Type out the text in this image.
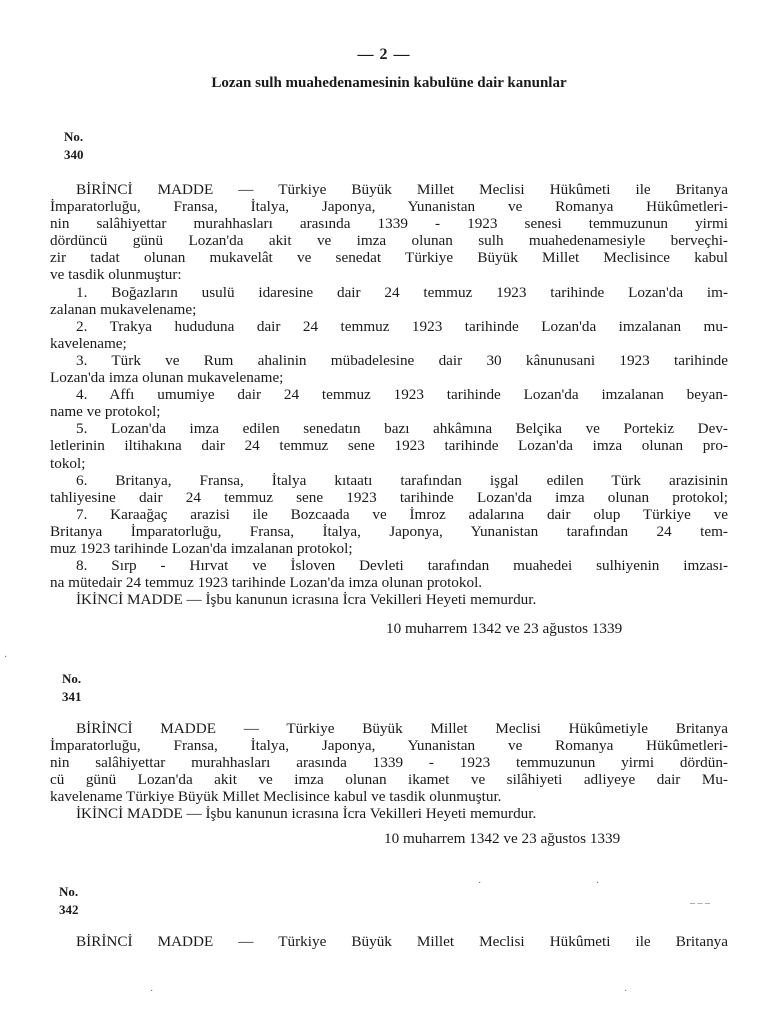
— 2 —
Lozan sulh muahedenamesinin kabulüne dair kanunlar
No.
340
BİRİNCİ MADDE — Türkiye Büyük Millet Meclisi Hükûmeti ile Britanya
İmparatorluğu, Fransa, İtalya, Japonya, Yunanistan ve Romanya Hükûmetleri-
nin salâhiyettar murahhasları arasında 1339 - 1923 senesi temmuzunun yirmi
dördüncü günü Lozan'da akit ve imza olunan sulh muahedenamesiyle berveçhi-
zir tadat olunan mukavelât ve senedat Türkiye Büyük Millet Meclisince kabul
ve tasdik olunmuştur:
1. Boğazların usulü idaresine dair 24 temmuz 1923 tarihinde Lozan'da im-
zalanan mukavelename;
2. Trakya hududuna dair 24 temmuz 1923 tarihinde Lozan'da imzalanan mu-
kavelename;
3. Türk ve Rum ahalinin mübadelesine dair 30 kânunusani 1923 tarihinde
Lozan'da imza olunan mukavelename;
4. Affı umumiye dair 24 temmuz 1923 tarihinde Lozan'da imzalanan beyan-
name ve protokol;
5. Lozan'da imza edilen senedatın bazı ahkâmına Belçika ve Portekiz Dev-
letlerinin iltihakına dair 24 temmuz sene 1923 tarihinde Lozan'da imza olunan pro-
tokol;
6. Britanya, Fransa, İtalya kıtaatı tarafından işgal edilen Türk arazisinin
tahliyesine dair 24 temmuz sene 1923 tarihinde Lozan'da imza olunan protokol;
7. Karaağaç arazisi ile Bozcaada ve İmroz adalarına dair olup Türkiye ve
Britanya İmparatorluğu, Fransa, İtalya, Japonya, Yunanistan tarafından 24 tem-
muz 1923 tarihinde Lozan'da imzalanan protokol;
8. Sırp - Hırvat ve İsloven Devleti tarafından muahedei sulhiyenin imzası-
na mütedair 24 temmuz 1923 tarihinde Lozan'da imza olunan protokol.
İKİNCİ MADDE — İşbu kanunun icrasına İcra Vekilleri Heyeti memurdur.
10 muharrem 1342 ve 23 ağustos 1339
No.
341
BİRİNCİ MADDE — Türkiye Büyük Millet Meclisi Hükûmetiyle Britanya
İmparatorluğu, Fransa, İtalya, Japonya, Yunanistan ve Romanya Hükûmetleri-
nin salâhiyettar murahhasları arasında 1339 - 1923 temmuzunun yirmi dördün-
cü günü Lozan'da akit ve imza olunan ikamet ve silâhiyeti adliyeye dair Mu-
kavelename Türkiye Büyük Millet Meclisince kabul ve tasdik olunmuştur.
İKİNCİ MADDE — İşbu kanunun icrasına İcra Vekilleri Heyeti memurdur.
10 muharrem 1342 ve 23 ağustos 1339
No.
342
BİRİNCİ MADDE — Türkiye Büyük Millet Meclisi Hükûmeti ile Britanya
·
·	·
– – –
·	·
